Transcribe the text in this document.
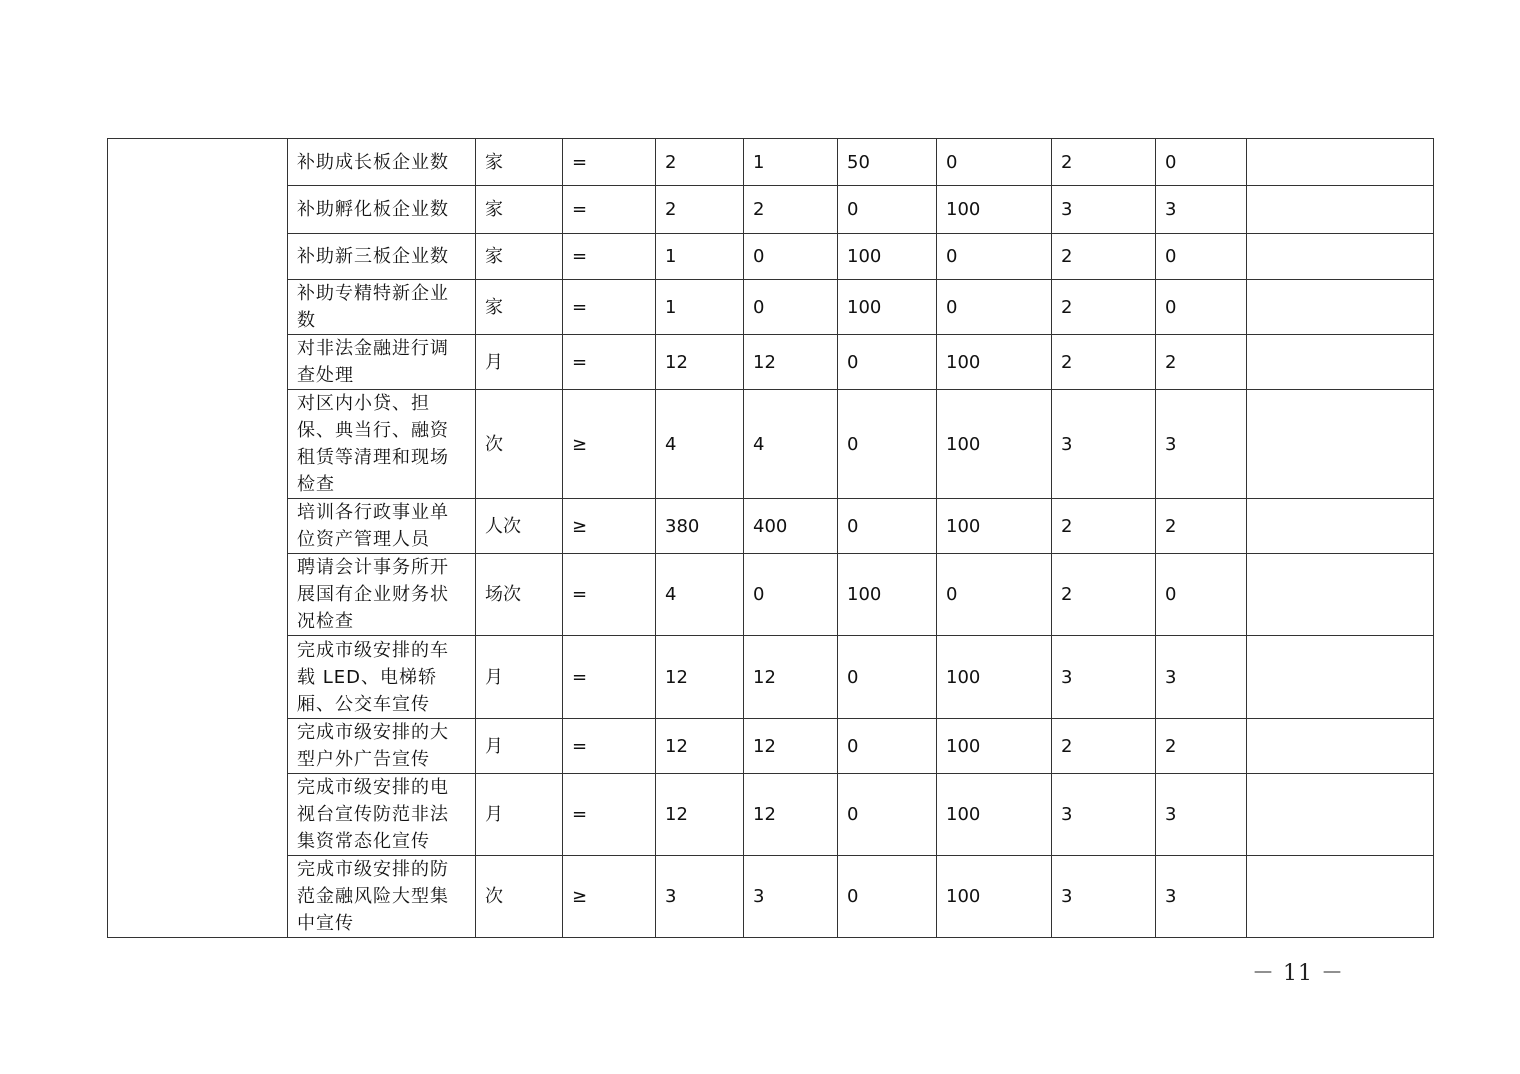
	补助成长板企业数	家	=	2	1	50	0	2	0	
	补助孵化板企业数	家	=	2	2	0	100	3	3	
	补助新三板企业数	家	=	1	0	100	0	2	0	
	补助专精特新企业数	家	=	1	0	100	0	2	0	
	对非法金融进行调查处理	月	=	12	12	0	100	2	2	
	对区内小贷、担保、典当行、融资租赁等清理和现场检查	次	≥	4	4	0	100	3	3	
	培训各行政事业单位资产管理人员	人次	≥	380	400	0	100	2	2	
	聘请会计事务所开展国有企业财务状况检查	场次	=	4	0	100	0	2	0	
	完成市级安排的车载 LED、电梯轿厢、公交车宣传	月	=	12	12	0	100	3	3	
	完成市级安排的大型户外广告宣传	月	=	12	12	0	100	2	2	
	完成市级安排的电视台宣传防范非法集资常态化宣传	月	=	12	12	0	100	3	3	
	完成市级安排的防范金融风险大型集中宣传	次	≥	3	3	0	100	3	3	
－ 11 －
